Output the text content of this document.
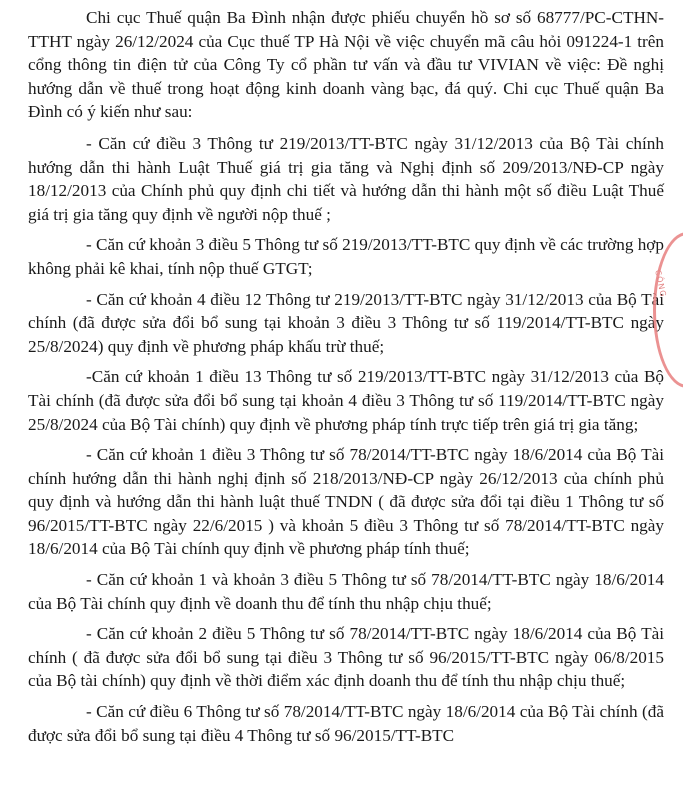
Chi cục Thuế quận Ba Đình nhận được phiếu chuyển hồ sơ số 68777/PC-CTHN-TTHT ngày 26/12/2024 của Cục thuế TP Hà Nội về việc chuyển mã câu hỏi 091224-1 trên cổng thông tin điện tử của Công Ty cổ phần tư vấn và đầu tư VIVIAN về việc: Đề nghị hướng dẫn về thuế trong hoạt động kinh doanh vàng bạc, đá quý. Chi cục Thuế quận Ba Đình có ý kiến như sau:

- Căn cứ điều 3 Thông tư 219/2013/TT-BTC ngày 31/12/2013 của Bộ Tài chính hướng dẫn thi hành Luật Thuế giá trị gia tăng và Nghị định số 209/2013/NĐ-CP ngày 18/12/2013 của Chính phủ quy định chi tiết và hướng dẫn thi hành một số điều Luật Thuế giá trị gia tăng quy định về người nộp thuế ;

- Căn cứ khoản 3 điều 5 Thông tư số 219/2013/TT-BTC quy định về các trường hợp không phải kê khai, tính nộp thuế GTGT;

- Căn cứ khoản 4 điều 12 Thông tư 219/2013/TT-BTC ngày 31/12/2013 của Bộ Tài chính (đã được sửa đổi bổ sung tại khoản 3 điều 3 Thông tư số 119/2014/TT-BTC ngày 25/8/2024) quy định về phương pháp khấu trừ thuế;

-Căn cứ khoản 1 điều 13 Thông tư số 219/2013/TT-BTC ngày 31/12/2013 của Bộ Tài chính (đã được sửa đổi bổ sung tại khoản 4 điều 3 Thông tư số 119/2014/TT-BTC ngày 25/8/2024 của Bộ Tài chính) quy định về phương pháp tính trực tiếp trên giá trị gia tăng;

- Căn cứ khoản 1 điều 3 Thông tư số 78/2014/TT-BTC ngày 18/6/2014 của Bộ Tài chính hướng dẫn thi hành nghị định số 218/2013/NĐ-CP ngày 26/12/2013 của chính phủ quy định và hướng dẫn thi hành luật thuế TNDN ( đã được sửa đổi tại điều 1 Thông tư số 96/2015/TT-BTC ngày 22/6/2015 ) và khoản 5 điều 3 Thông tư số 78/2014/TT-BTC ngày 18/6/2014 của Bộ Tài chính quy định về phương pháp tính thuế;

- Căn cứ khoản 1 và khoản 3 điều 5 Thông tư số 78/2014/TT-BTC ngày 18/6/2014 của Bộ Tài chính quy định về doanh thu để tính thu nhập chịu thuế;

- Căn cứ khoản 2 điều 5 Thông tư số 78/2014/TT-BTC ngày 18/6/2014 của Bộ Tài chính ( đã được sửa đổi bổ sung tại điều 3 Thông tư số 96/2015/TT-BTC ngày 06/8/2015 của Bộ tài chính) quy định về thời điểm xác định doanh thu để tính thu nhập chịu thuế;

- Căn cứ điều 6 Thông tư số 78/2014/TT-BTC ngày 18/6/2014 của Bộ Tài chính (đã được sửa đổi bổ sung tại điều 4 Thông tư số 96/2015/TT-BTC

CÔNG
